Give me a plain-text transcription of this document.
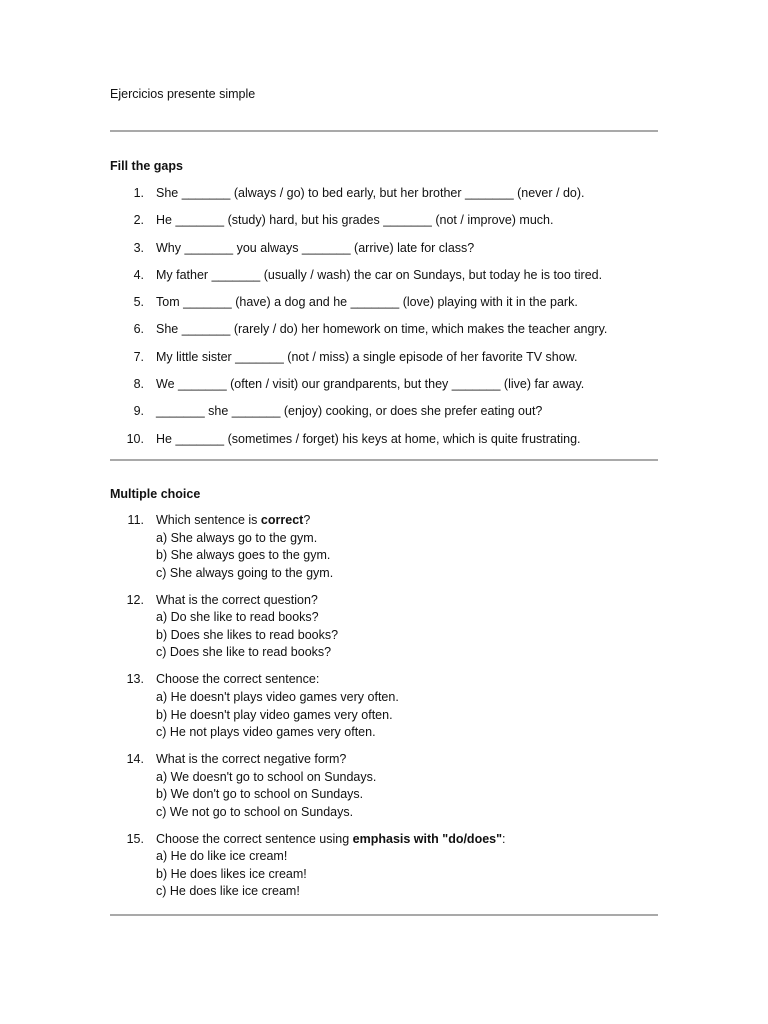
Ejercicios presente simple
Fill the gaps
1. She _______ (always / go) to bed early, but her brother _______ (never / do).
2. He _______ (study) hard, but his grades _______ (not / improve) much.
3. Why _______ you always _______ (arrive) late for class?
4. My father _______ (usually / wash) the car on Sundays, but today he is too tired.
5. Tom _______ (have) a dog and he _______ (love) playing with it in the park.
6. She _______ (rarely / do) her homework on time, which makes the teacher angry.
7. My little sister _______ (not / miss) a single episode of her favorite TV show.
8. We _______ (often / visit) our grandparents, but they _______ (live) far away.
9. _______ she _______ (enjoy) cooking, or does she prefer eating out?
10. He _______ (sometimes / forget) his keys at home, which is quite frustrating.
Multiple choice
11. Which sentence is correct?
a) She always go to the gym.
b) She always goes to the gym.
c) She always going to the gym.
12. What is the correct question?
a) Do she like to read books?
b) Does she likes to read books?
c) Does she like to read books?
13. Choose the correct sentence:
a) He doesn't plays video games very often.
b) He doesn't play video games very often.
c) He not plays video games very often.
14. What is the correct negative form?
a) We doesn't go to school on Sundays.
b) We don't go to school on Sundays.
c) We not go to school on Sundays.
15. Choose the correct sentence using emphasis with "do/does":
a) He do like ice cream!
b) He does likes ice cream!
c) He does like ice cream!
